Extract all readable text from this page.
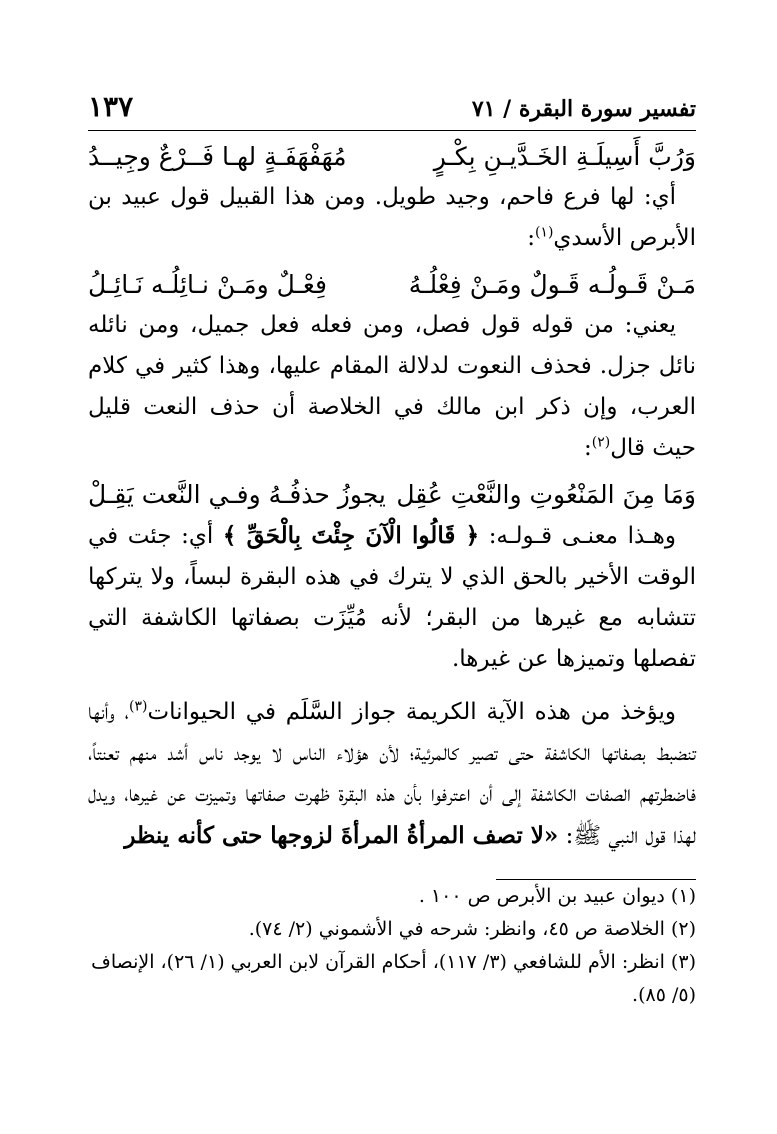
تفسير سورة البقرة / ٧١
١٣٧
وَرُبَّ أَسِيلَـةِ الخَـدَّيـنِ بِكْـرٍ
مُهَفْهَفَـةٍ لهـا فَــرْعٌ وجِيــدُ

أي: لها فرع فاحم، وجيد طويل. ومن هذا القبيل قول عبيد بن الأبرص الأسدي$^{(١)}$:

مَـنْ قَـولُـه قَـولٌ ومَـنْ فِعْلُـهُ
فِعْـلٌ ومَـنْ نـائِلُـه نَـائِـلُ

يعني: من قوله قول فصل، ومن فعله فعل جميل، ومن نائله نائل جزل. فحذف النعوت لدلالة المقام عليها، وهذا كثير في كلام العرب، وإن ذكر ابن مالك في الخلاصة أن حذف النعت قليل حيث قال$^{(٢)}$:

وَمَا مِنَ المَنْعُوتِ والنَّعْتِ عُقِل
يجوزُ حذفُـهُ وفـي النَّعت يَقِـلْ

وهـذا معنـى قـولـه: ﴿ قَالُوا الْآنَ جِئْتَ بِالْحَقِّ ﴾ أي: جئت في الوقت الأخير بالحق الذي لا يترك في هذه البقرة لبساً، ولا يتركها تتشابه مع غيرها من البقر؛ لأنه مُيِّزَت بصفاتها الكاشفة التي تفصلها وتميزها عن غيرها.

ويؤخذ من هذه الآية الكريمة جواز السَّلَم في الحيوانات$^{(٣)}$، وأنها تنضبط بصفاتها الكاشفة حتى تصير كالمرئية؛ لأن هؤلاء الناس لا يوجد ناس أشد منهم تعنتاً، فاضطرتهم الصفات الكاشفة إلى أن اعترفوا بأن هذه البقرة ظهرت صفاتها وتميزت عن غيرها، ويدل لهذا قول النبي ﷺ: «لا تصف المرأةُ المرأةَ لزوجها حتى كأنه ينظر

(١) ديوان عبيد بن الأبرص ص ١٠٠ .

(٢) الخلاصة ص ٤٥، وانظر: شرحه في الأشموني (٢/ ٧٤).

(٣) انظر: الأم للشافعي (٣/ ١١٧)، أحكام القرآن لابن العربي (١/ ٢٦)، الإنصاف (٥/ ٨٥).
